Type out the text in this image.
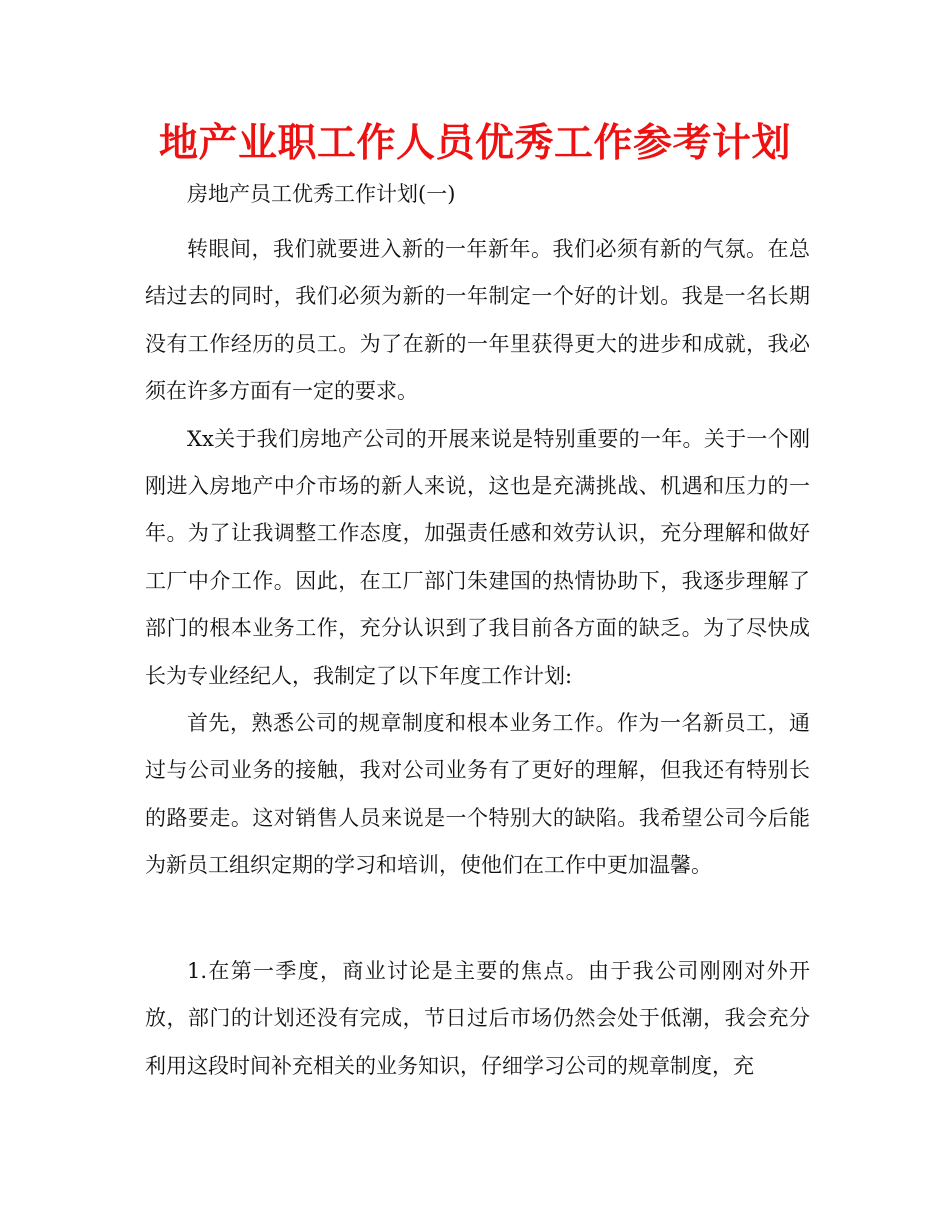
地产业职工作人员优秀工作参考计划

房地产员工优秀工作计划(一)

转眼间，我们就要进入新的一年新年。我们必须有新的气氛。在总结过去的同时，我们必须为新的一年制定一个好的计划。我是一名长期没有工作经历的员工。为了在新的一年里获得更大的进步和成就，我必须在许多方面有一定的要求。

Xx关于我们房地产公司的开展来说是特别重要的一年。关于一个刚刚进入房地产中介市场的新人来说，这也是充满挑战、机遇和压力的一年。为了让我调整工作态度，加强责任感和效劳认识，充分理解和做好工厂中介工作。因此，在工厂部门朱建国的热情协助下，我逐步理解了部门的根本业务工作，充分认识到了我目前各方面的缺乏。为了尽快成长为专业经纪人，我制定了以下年度工作计划:

首先，熟悉公司的规章制度和根本业务工作。作为一名新员工，通过与公司业务的接触，我对公司业务有了更好的理解，但我还有特别长的路要走。这对销售人员来说是一个特别大的缺陷。我希望公司今后能为新员工组织定期的学习和培训，使他们在工作中更加温馨。

1.在第一季度，商业讨论是主要的焦点。由于我公司刚刚对外开放，部门的计划还没有完成，节日过后市场仍然会处于低潮，我会充分利用这段时间补充相关的业务知识，仔细学习公司的规章制度，充
